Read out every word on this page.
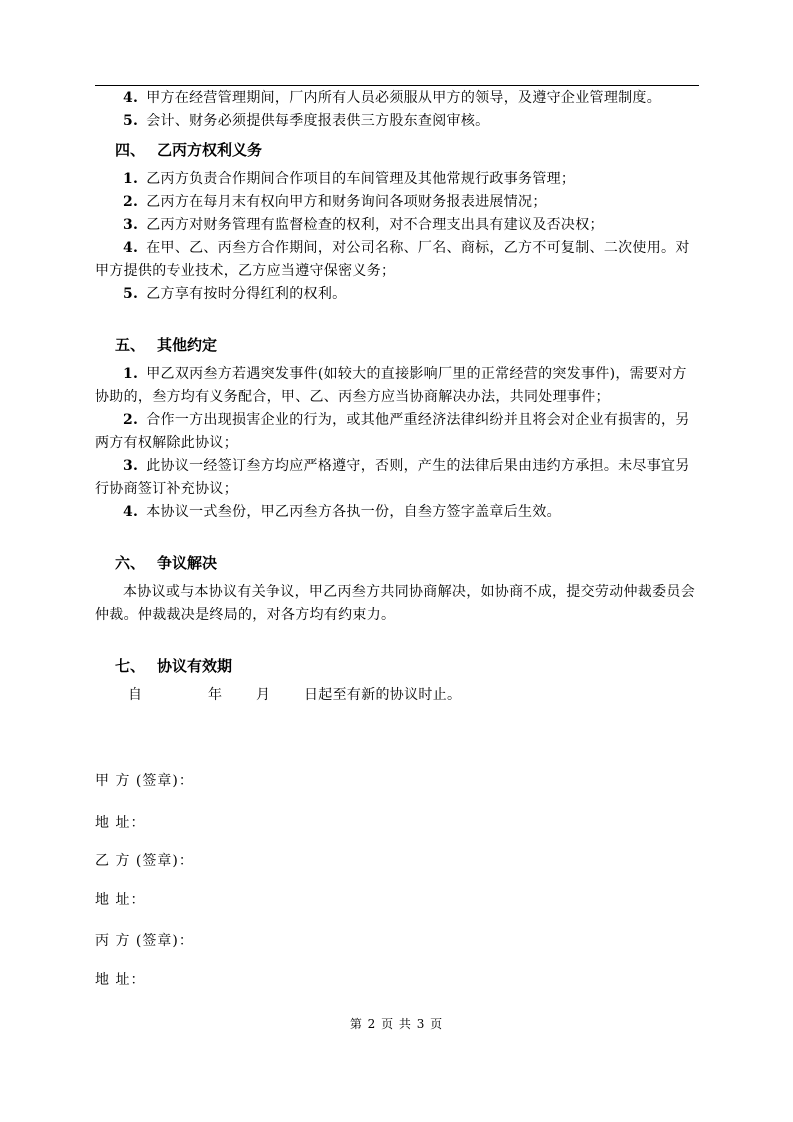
4. 甲方在经营管理期间，厂内所有人员必须服从甲方的领导，及遵守企业管理制度。

5. 会计、财务必须提供每季度报表供三方股东查阅审核。

四、 乙丙方权利义务

1. 乙丙方负责合作期间合作项目的车间管理及其他常规行政事务管理；

2. 乙丙方在每月末有权向甲方和财务询问各项财务报表进展情况；

3. 乙丙方对财务管理有监督检查的权利，对不合理支出具有建议及否决权；

4. 在甲、乙、丙叁方合作期间，对公司名称、厂名、商标，乙方不可复制、二次使用。对甲方提供的专业技术，乙方应当遵守保密义务；

5. 乙方享有按时分得红利的权利。

五、 其他约定

1. 甲乙双丙叁方若遇突发事件(如较大的直接影响厂里的正常经营的突发事件)，需要对方协助的，叁方均有义务配合，甲、乙、丙叁方应当协商解决办法，共同处理事件；

2. 合作一方出现损害企业的行为，或其他严重经济法律纠纷并且将会对企业有损害的，另两方有权解除此协议；

3. 此协议一经签订叁方均应严格遵守，否则，产生的法律后果由违约方承担。未尽事宜另行协商签订补充协议；

4. 本协议一式叁份，甲乙丙叁方各执一份，自叁方签字盖章后生效。

六、 争议解决

本协议或与本协议有关争议，甲乙丙叁方共同协商解决，如协商不成，提交劳动仲裁委员会仲裁。仲裁裁决是终局的，对各方均有约束力。

七、 协议有效期

自	年 月 日起至有新的协议时止。

甲 方 (签章)：
地 址：
乙 方 (签章)：
地 址：
丙 方 (签章)：
地 址：
第 2 页 共 3 页
